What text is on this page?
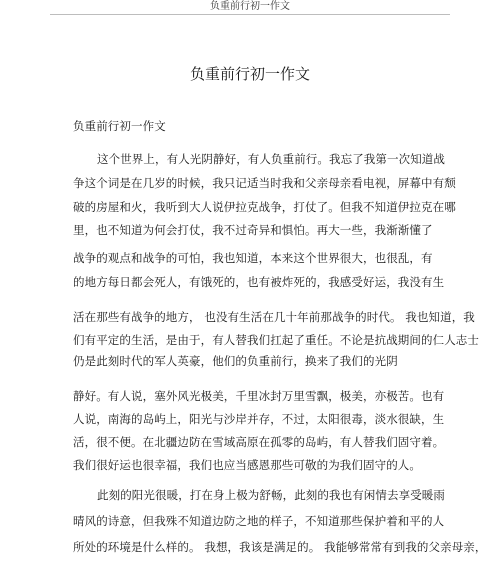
负重前行初一作文
负重前行初一作文
负重前行初一作文
这个世界上，有人光阴静好，有人负重前行。我忘了我第一次知道战
争这个词是在几岁的时候，我只记适当时我和父亲母亲看电视，屏幕中有颓
破的房屋和火，我听到大人说伊拉克战争，打仗了。但我不知道伊拉克在哪
里，也不知道为何会打仗，我不过奇异和惧怕。再大一些，我渐渐懂了
战争的观点和战争的可怕，我也知道，本来这个世界很大，也很乱，有
的地方每日都会死人，有饿死的，也有被炸死的，我感受好运，我没有生
活在那些有战争的地方， 也没有生活在几十年前那战争的时代。 我也知道，我
们有平定的生活，是由于，有人替我们扛起了重任。不论是抗战期间的仁人志士
仍是此刻时代的军人英豪，他们的负重前行，换来了我们的光阴
静好。有人说，塞外风光极美，千里冰封万里雪飘，极美，亦极苦。也有
人说，南海的岛屿上，阳光与沙岸并存，不过，太阳很毒，淡水很缺，生
活，很不便。在北疆边防在雪域高原在孤零的岛屿，有人替我们固守着。
我们很好运也很幸福，我们也应当感恩那些可敬的为我们固守的人。
此刻的阳光很暖，打在身上极为舒畅，此刻的我也有闲情去享受暖雨
晴风的诗意，但我殊不知道边防之地的样子，不知道那些保护着和平的人
所处的环境是什么样的。 我想，我该是满足的。 我能够常常有到我的父亲母亲，
